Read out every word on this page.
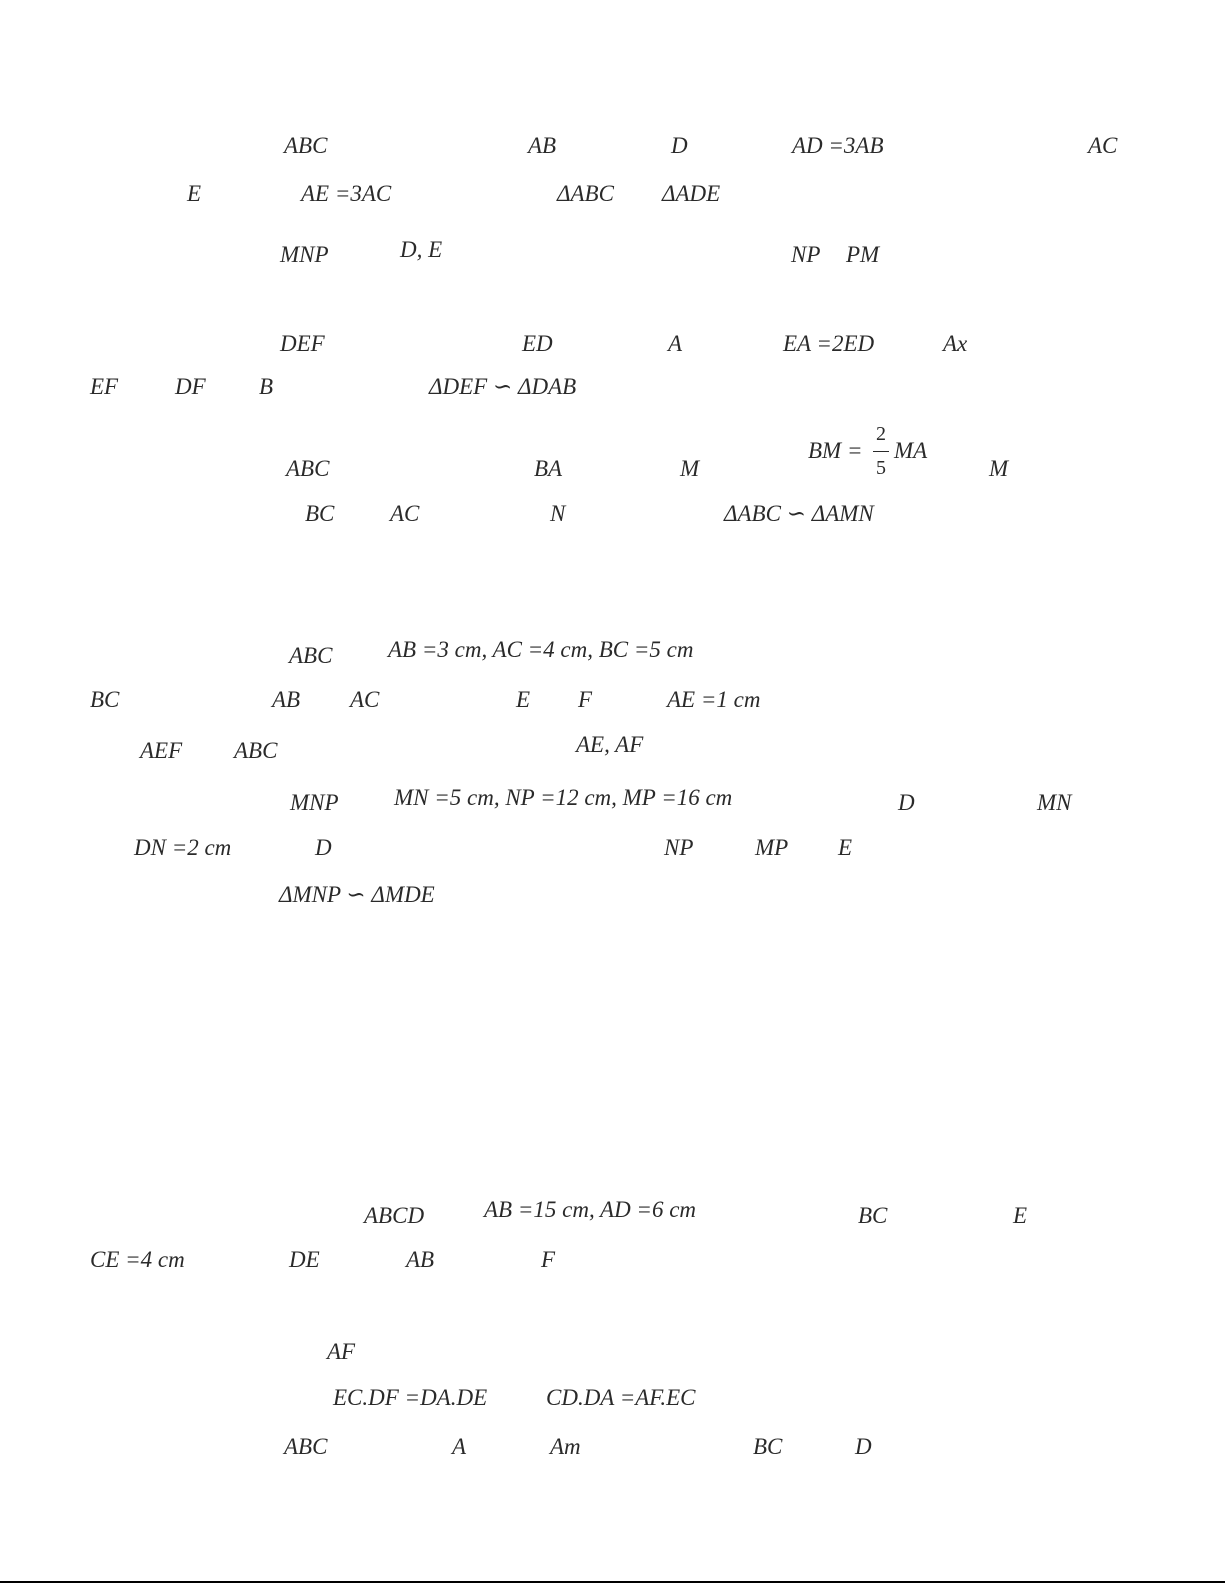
ABC	AB	D	AD =3AB	AC
E	AE =3AC	ΔABC ΔADE
MNP	D, E	NP PM
DEF	ED	A	EA =2ED	Ax
EF DF B	ΔDEF ∽ ΔDAB
ABC	BA	M
BM =
2
5
MA
M
BC AC	N	ΔABC ∽ ΔAMN
ABC AB =3 cm, AC =4 cm, BC =5 cm
BC	AB AC	E F	AE =1 cm
AEF ABC	AE, AF
MNP MN =5 cm, NP =12 cm, MP =16 cm	D	MN
DN =2 cm	D	NP	MP E
ΔMNP ∽ ΔMDE
ABCD	AB =15 cm, AD =6 cm	BC	E
CE =4 cm	DE	AB	F
AF
EC.DF =DA.DE	CD.DA =AF.EC
ABC	A	Am	BC	D
